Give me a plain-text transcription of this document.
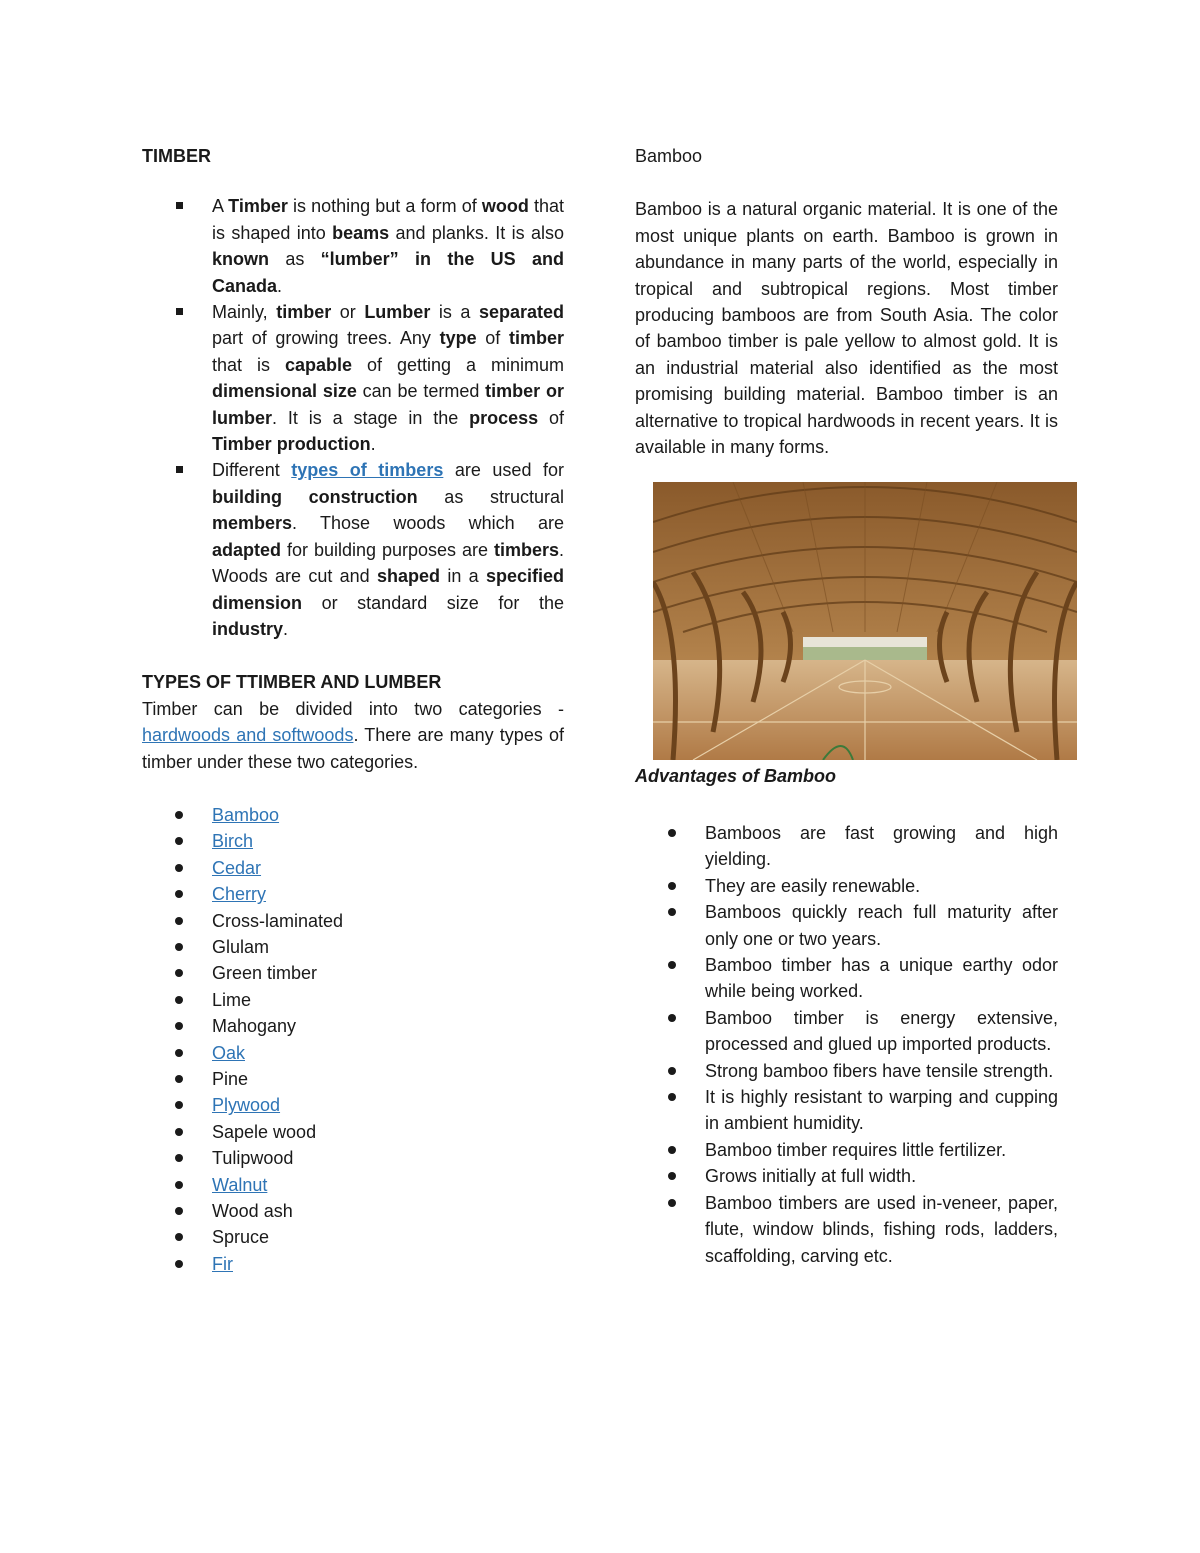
TIMBER

A Timber is nothing but a form of wood that is shaped into beams and planks. It is also known as “lumber” in the US and Canada.
Mainly, timber or Lumber is a separated part of growing trees. Any type of timber that is capable of getting a minimum dimensional size can be termed timber or lumber. It is a stage in the process of Timber production.
Different types of timbers are used for building construction as structural members. Those woods which are adapted for building purposes are timbers. Woods are cut and shaped in a specified dimension or standard size for the industry.

TYPES OF TTIMBER AND LUMBER

Timber can be divided into two categories - hardwoods and softwoods. There are many types of timber under these two categories.

Bamboo
Birch
Cedar
Cherry
Cross-laminated
Glulam
Green timber
Lime
Mahogany
Oak
Pine
Plywood
Sapele wood
Tulipwood
Walnut
Wood ash
Spruce
Fir

Bamboo

Bamboo is a natural organic material. It is one of the most unique plants on earth. Bamboo is grown in abundance in many parts of the world, especially in tropical and subtropical regions. Most timber producing bamboos are from South Asia. The color of bamboo timber is pale yellow to almost gold. It is an industrial material also identified as the most promising building material. Bamboo timber is an alternative to tropical hardwoods in recent years. It is available in many forms.

Advantages of Bamboo

Bamboos are fast growing and high yielding.
They are easily renewable.
Bamboos quickly reach full maturity after only one or two years.
Bamboo timber has a unique earthy odor while being worked.
Bamboo timber is energy extensive, processed and glued up imported products.
Strong bamboo fibers have tensile strength.
It is highly resistant to warping and cupping in ambient humidity.
Bamboo timber requires little fertilizer.
Grows initially at full width.
Bamboo timbers are used in-veneer, paper, flute, window blinds, fishing rods, ladders, scaffolding, carving etc.
